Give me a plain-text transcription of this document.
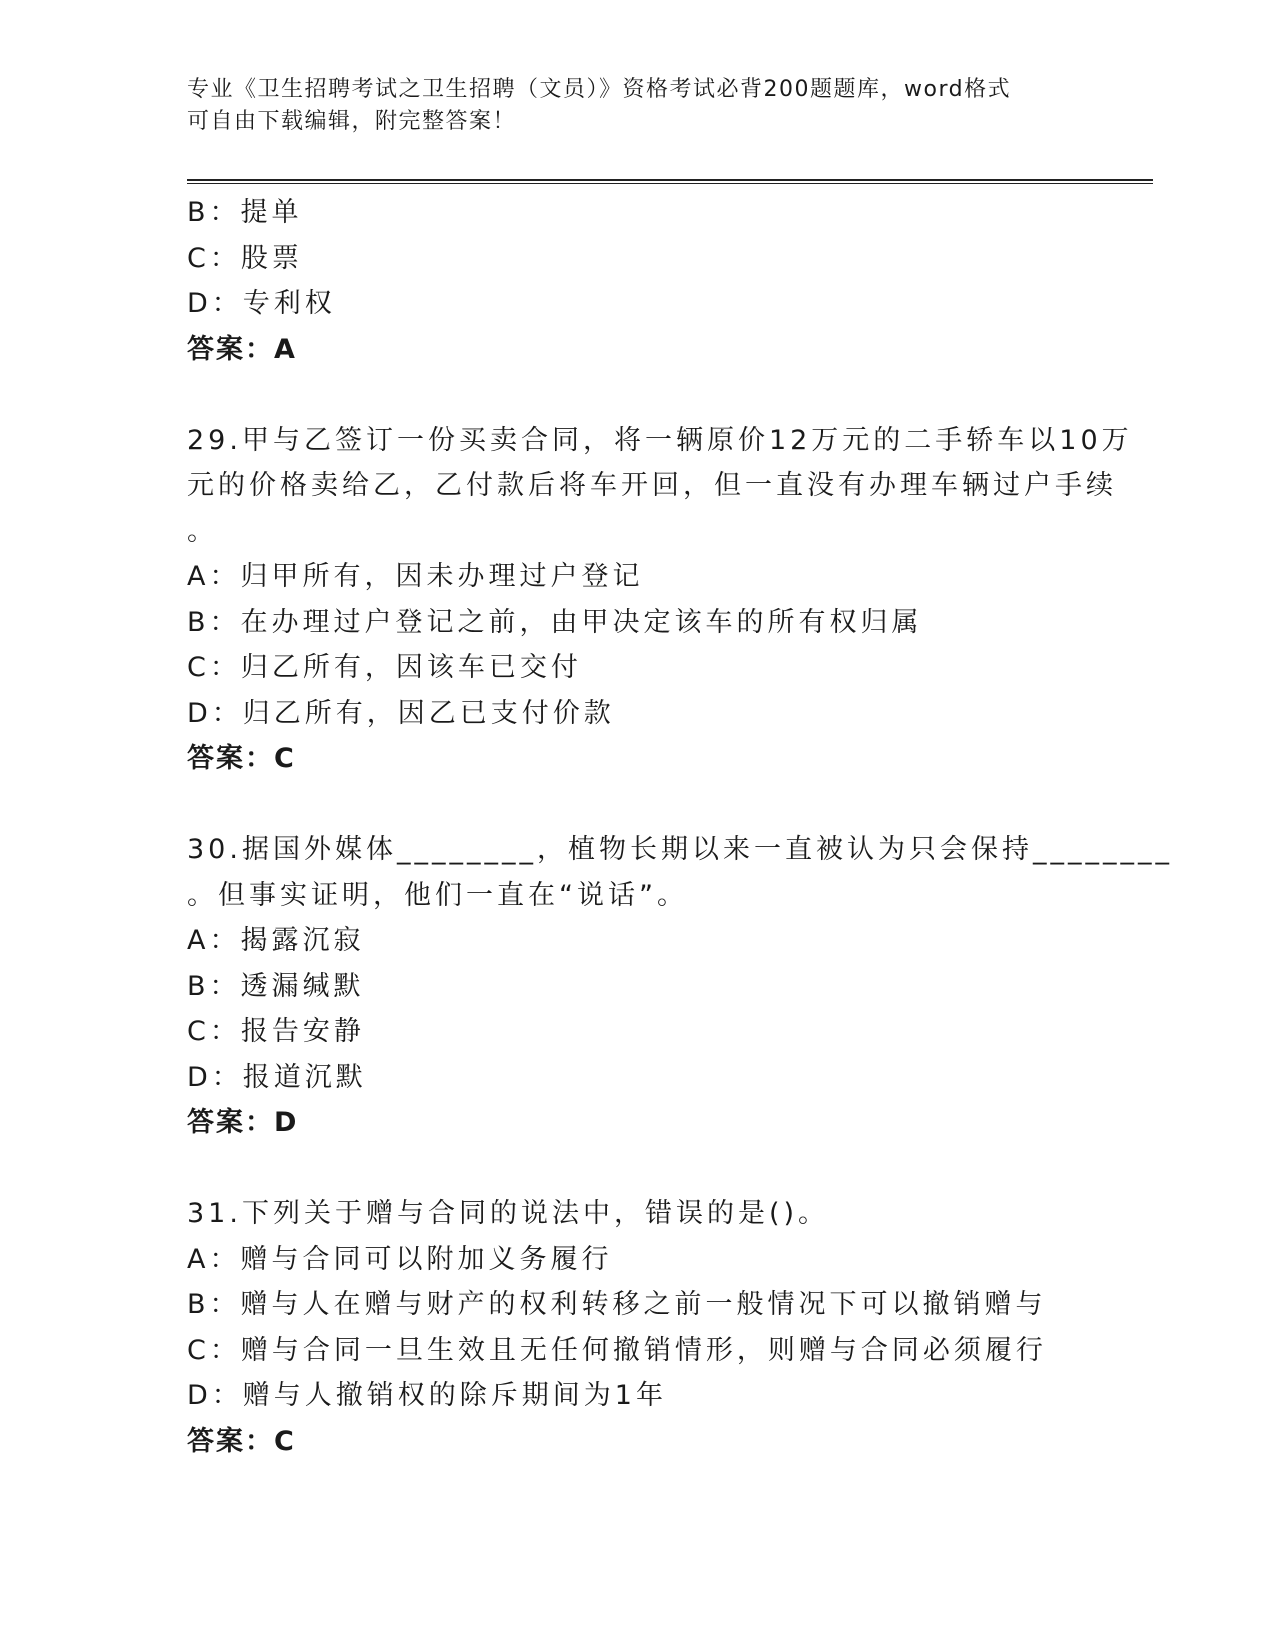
专业《卫生招聘考试之卫生招聘（文员）》资格考试必背200题题库，word格式
可自由下载编辑，附完整答案！
B：提单
C：股票
D：专利权
答案：A
29.甲与乙签订一份买卖合同，将一辆原价12万元的二手轿车以10万
元的价格卖给乙，乙付款后将车开回，但一直没有办理车辆过户手续
。
A：归甲所有，因未办理过户登记
B：在办理过户登记之前，由甲决定该车的所有权归属
C：归乙所有，因该车已交付
D：归乙所有，因乙已支付价款
答案：C
30.据国外媒体________，植物长期以来一直被认为只会保持________
。但事实证明，他们一直在“说话”。
A：揭露沉寂
B：透漏缄默
C：报告安静
D：报道沉默
答案：D
31.下列关于赠与合同的说法中，错误的是()。
A：赠与合同可以附加义务履行
B：赠与人在赠与财产的权利转移之前一般情况下可以撤销赠与
C：赠与合同一旦生效且无任何撤销情形，则赠与合同必须履行
D：赠与人撤销权的除斥期间为1年
答案：C
